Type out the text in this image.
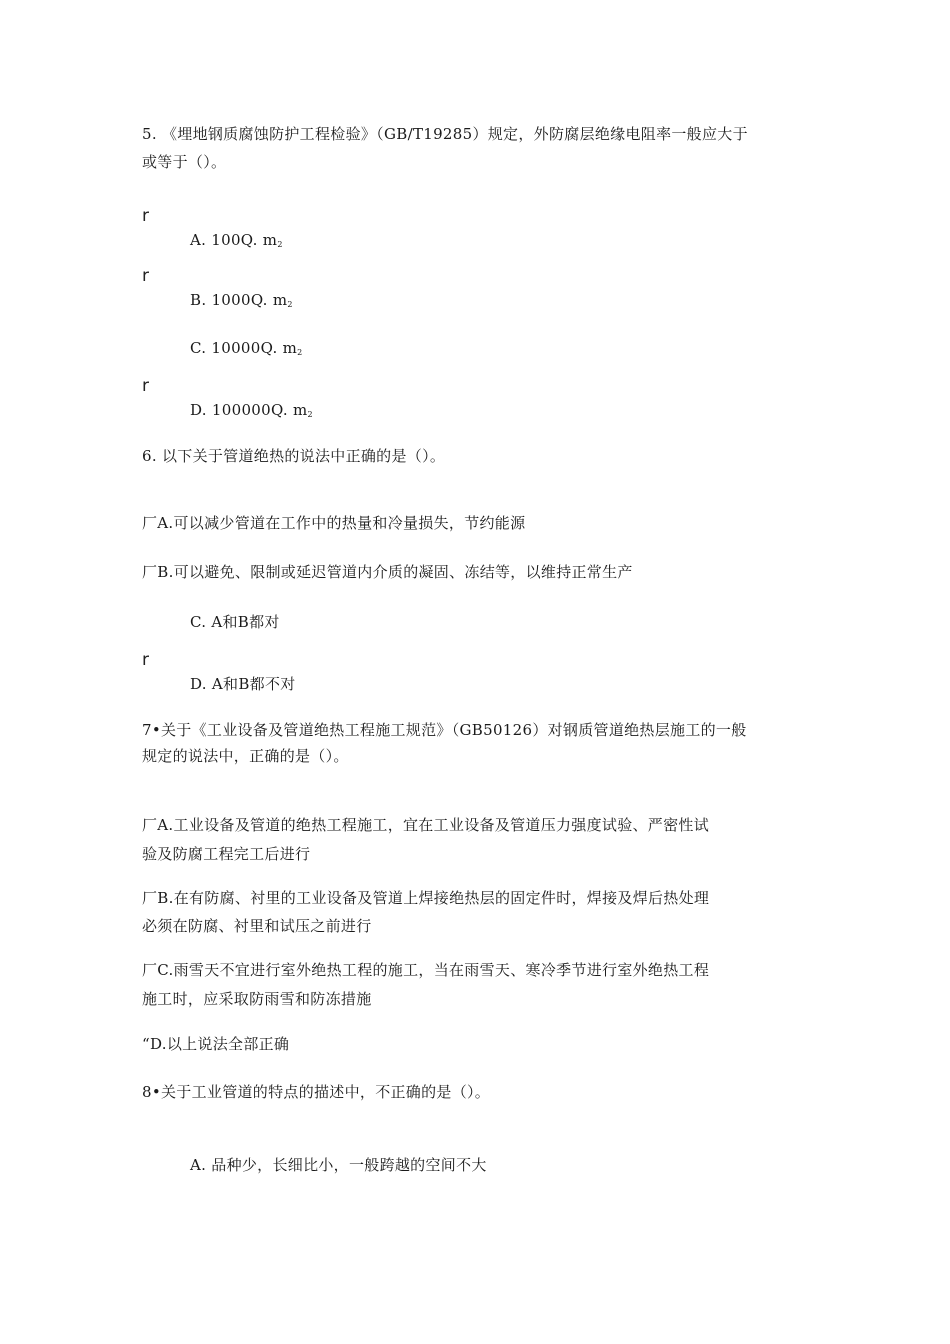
5. 《埋地钢质腐蚀防护工程检验》（GB/T19285）规定，外防腐层绝缘电阻率一般应大于
或等于（）。
r
A. 100Q. $m_2$
r
B. 1000Q. $m_2$
C. 10000Q. $m_2$
r
D. 100000Q. $m_2$
6. 以下关于管道绝热的说法中正确的是（）。
厂A.可以减少管道在工作中的热量和冷量损失，节约能源
厂B.可以避免、限制或延迟管道内介质的凝固、冻结等，以维持正常生产
C. A和B都对
r
D. A和B都不对
7•关于《工业设备及管道绝热工程施工规范》（GB50126）对钢质管道绝热层施工的一般
规定的说法中，正确的是（）。
厂A.工业设备及管道的绝热工程施工，宜在工业设备及管道压力强度试验、严密性试
验及防腐工程完工后进行
厂B.在有防腐、衬里的工业设备及管道上焊接绝热层的固定件时，焊接及焊后热处理
必须在防腐、衬里和试压之前进行
厂C.雨雪天不宜进行室外绝热工程的施工，当在雨雪天、寒冷季节进行室外绝热工程
施工时，应采取防雨雪和防冻措施
“D.以上说法全部正确
8•关于工业管道的特点的描述中，不正确的是（）。
A. 品种少，长细比小，一般跨越的空间不大
